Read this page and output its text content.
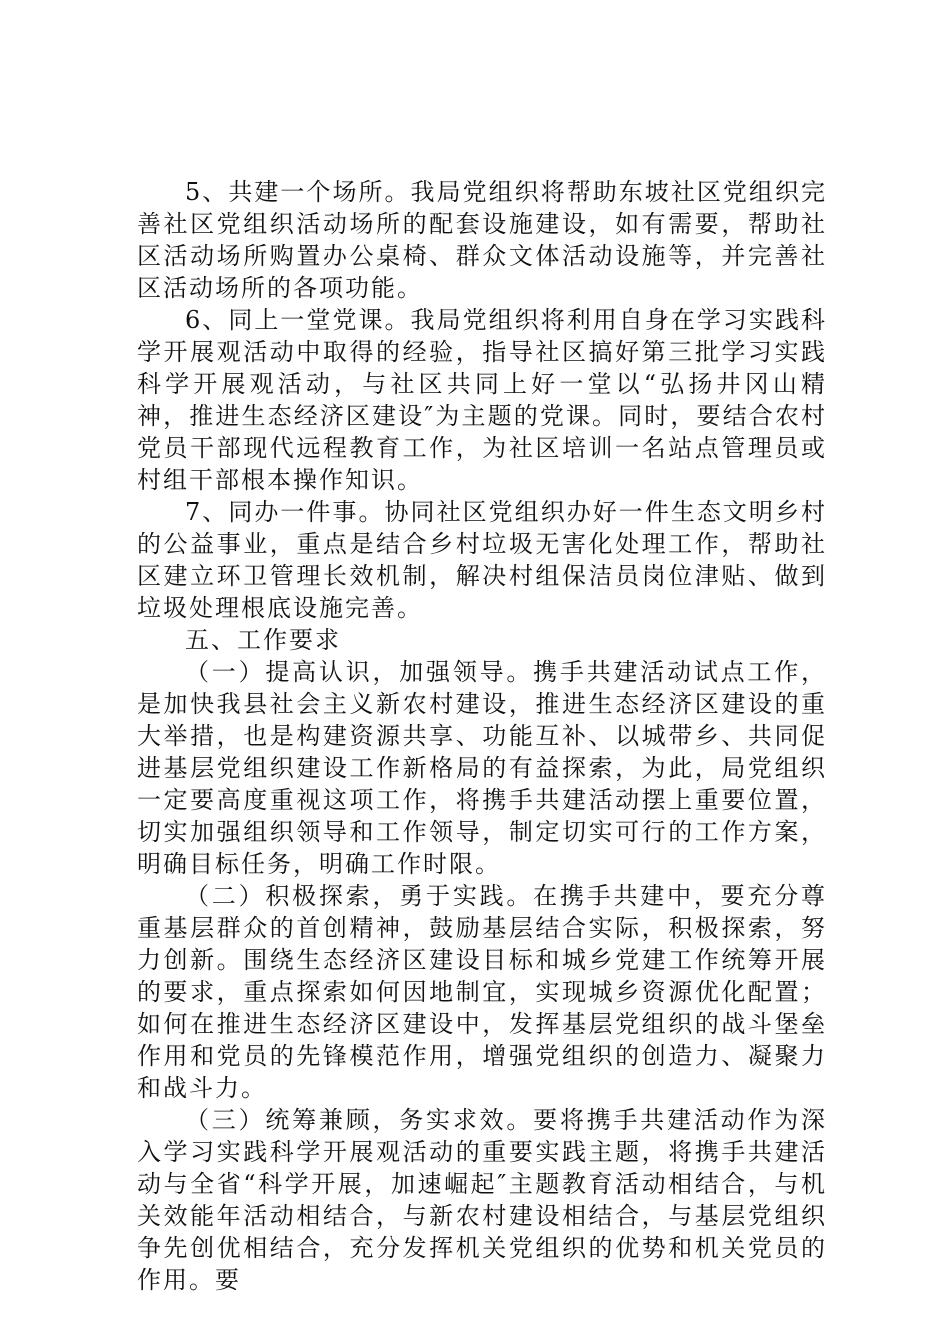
5、共建一个场所。我局党组织将帮助东坡社区党组织完善社区党组织活动场所的配套设施建设，如有需要，帮助社区活动场所购置办公桌椅、群众文体活动设施等，并完善社区活动场所的各项功能。

6、同上一堂党课。我局党组织将利用自身在学习实践科学开展观活动中取得的经验，指导社区搞好第三批学习实践科学开展观活动，与社区共同上好一堂以“弘扬井冈山精神，推进生态经济区建设″为主题的党课。同时，要结合农村党员干部现代远程教育工作，为社区培训一名站点管理员或村组干部根本操作知识。

7、同办一件事。协同社区党组织办好一件生态文明乡村的公益事业，重点是结合乡村垃圾无害化处理工作，帮助社区建立环卫管理长效机制，解决村组保洁员岗位津贴、做到垃圾处理根底设施完善。

五、工作要求

（一）提高认识，加强领导。携手共建活动试点工作，是加快我县社会主义新农村建设，推进生态经济区建设的重大举措，也是构建资源共享、功能互补、以城带乡、共同促进基层党组织建设工作新格局的有益探索，为此，局党组织一定要高度重视这项工作，将携手共建活动摆上重要位置，切实加强组织领导和工作领导，制定切实可行的工作方案，明确目标任务，明确工作时限。

（二）积极探索，勇于实践。在携手共建中，要充分尊重基层群众的首创精神，鼓励基层结合实际，积极探索，努力创新。围绕生态经济区建设目标和城乡党建工作统筹开展的要求，重点探索如何因地制宜，实现城乡资源优化配置；如何在推进生态经济区建设中，发挥基层党组织的战斗堡垒作用和党员的先锋模范作用，增强党组织的创造力、凝聚力和战斗力。

（三）统筹兼顾，务实求效。要将携手共建活动作为深入学习实践科学开展观活动的重要实践主题，将携手共建活动与全省“科学开展，加速崛起″主题教育活动相结合，与机关效能年活动相结合，与新农村建设相结合，与基层党组织争先创优相结合，充分发挥机关党组织的优势和机关党员的作用。要
